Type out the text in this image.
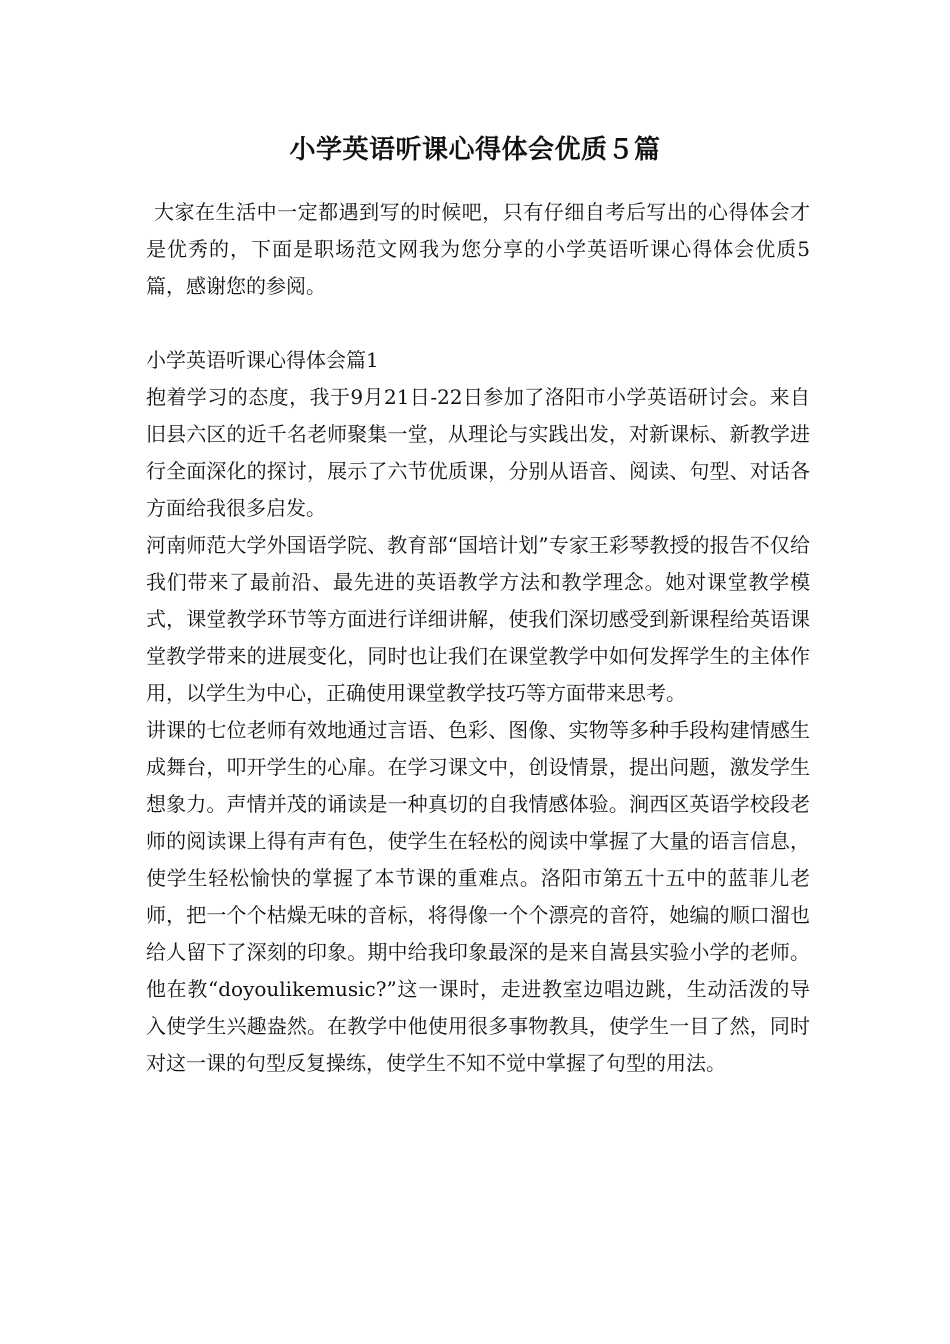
小学英语听课心得体会优质５篇

大家在生活中一定都遇到写的时候吧，只有仔细自考后写出的心得体会才是优秀的，下面是职场范文网我为您分享的小学英语听课心得体会优质5篇，感谢您的参阅。

小学英语听课心得体会篇1

抱着学习的态度，我于9月21日-22日参加了洛阳市小学英语研讨会。来自旧县六区的近千名老师聚集一堂，从理论与实践出发，对新课标、新教学进行全面深化的探讨，展示了六节优质课，分别从语音、阅读、句型、对话各方面给我很多启发。

河南师范大学外国语学院、教育部“国培计划”专家王彩琴教授的报告不仅给我们带来了最前沿、最先进的英语教学方法和教学理念。她对课堂教学模式，课堂教学环节等方面进行详细讲解，使我们深切感受到新课程给英语课堂教学带来的进展变化，同时也让我们在课堂教学中如何发挥学生的主体作用，以学生为中心，正确使用课堂教学技巧等方面带来思考。

讲课的七位老师有效地通过言语、色彩、图像、实物等多种手段构建情感生成舞台，叩开学生的心扉。在学习课文中，创设情景，提出问题，激发学生想象力。声情并茂的诵读是一种真切的自我情感体验。涧西区英语学校段老师的阅读课上得有声有色，使学生在轻松的阅读中掌握了大量的语言信息，使学生轻松愉快的掌握了本节课的重难点。洛阳市第五十五中的蓝菲儿老师，把一个个枯燥无味的音标，将得像一个个漂亮的音符，她编的顺口溜也给人留下了深刻的印象。期中给我印象最深的是来自嵩县实验小学的老师。他在教“doyoulikemusic?”这一课时，走进教室边唱边跳，生动活泼的导入使学生兴趣盎然。在教学中他使用很多事物教具，使学生一目了然，同时对这一课的句型反复操练，使学生不知不觉中掌握了句型的用法。
